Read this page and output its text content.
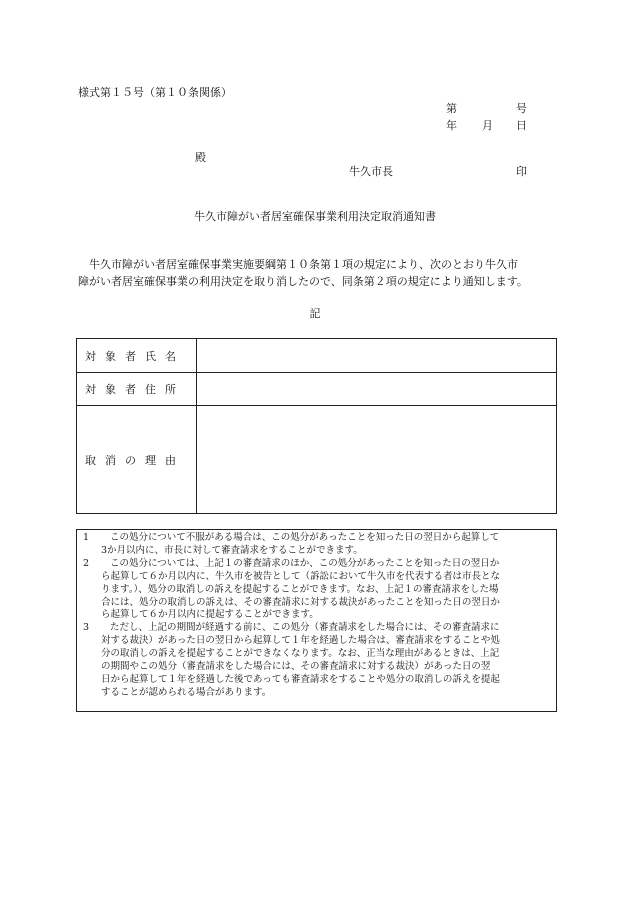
様式第１５号（第１０条関係）
第	号
年 月 日
殿
牛久市長	印
牛久市障がい者居室確保事業利用決定取消通知書
牛久市障がい者居室確保事業実施要綱第１０条第１項の規定により、次のとおり牛久市
障がい者居室確保事業の利用決定を取り消したので、同条第２項の規定により通知します。
記
対象者氏名	
対象者住所	
取消の理由	
1	この処分について不服がある場合は、この処分があったことを知った日の翌日から起算して
3か月以内に、市長に対して審査請求をすることができます。
2	この処分については、上記１の審査請求のほか、この処分があったことを知った日の翌日か
ら起算して６か月以内に、牛久市を被告として（訴訟において牛久市を代表する者は市長とな
ります。）、処分の取消しの訴えを提起することができます。なお、上記１の審査請求をした場
合には、処分の取消しの訴えは、その審査請求に対する裁決があったことを知った日の翌日か
ら起算して６か月以内に提起することができます。
3	ただし、上記の期間が経過する前に、この処分（審査請求をした場合には、その審査請求に
対する裁決）があった日の翌日から起算して１年を経過した場合は、審査請求をすることや処
分の取消しの訴えを提起することができなくなります。なお、正当な理由があるときは、上記
の期間やこの処分（審査請求をした場合には、その審査請求に対する裁決）があった日の翌
日から起算して１年を経過した後であっても審査請求をすることや処分の取消しの訴えを提起
することが認められる場合があります。
